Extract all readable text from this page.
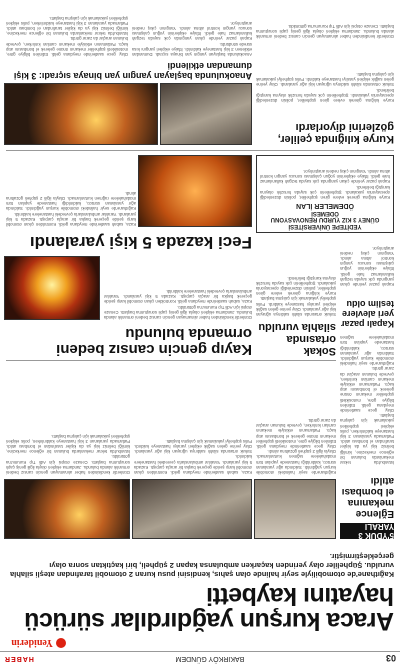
03
BAKIRKÖY GÜNDEM
HABER
Yeniderin
Araca kurşun yağdırdılar sürücü hayatını kaybetti
Kağıthane'de otomobiliyle seyir halinde olan şahıs, kendisini pusu kuran 2 otomobil tarafından ateşli silahla vuruldu. Şüpheliler olay yerinden kaçarken ambulansa kapan 2 şüpheli, biri kaçtıktan sonra olayı gerçekleştirmiştir.
5'YDÜK 3 YARALI
Eğlence mekanına el bombası atıldı

İstanbul'da tekrar mekanlarda bulunan bir eğlence merkezine, kimliği belirsiz kişi ya da kişiler tarafından el bombası atıldı. Patlamada yaralanan 3 kişi hastaneye kaldırılırken, polis ekipleri şüphelileri yakalamak için çalışma başlattı.

Olay, gece saatlerinde meydana geldi. Edinilen bilgiye göre, motosikletli şüpheliler mekanın önüne gelerek el bombasını atıp kaçtı. Patlamanın etkisiyle mekanın camları kırılırken, çevrede bulunan araçlar da zarar gördü.

Kağıthane'de seyir halindeki otomobile kurşun yağdırıldı. Saldırıda ağır yaralanan sürücü, kaldırıldığı hastanede yapılan tüm müdahalelere rağmen

Kağıthane'de seyir halindeki otomobile kurşun yağdırıldı. Saldırıda ağır yaralanan sürücü, kaldırıldığı hastanede yapılan tüm müdahalelere rağmen kurtarılamadı. Olayla ilgili 2 şüpheli gözaltına alındı.

Olay, gece saatlerinde meydana geldi. Edinilen bilgiye göre, motosikletli şüpheliler mekanın önüne gelerek el bombasını atıp kaçtı. Patlamanın etkisiyle mekanın camları kırılırken, çevrede bulunan araçlar da zarar gördü.

Kaza, sabah saatlerinde meydana geldi. Kontrolden çıkan otomobil karşı şeride geçerek başka bir araçla çarpıştı. Kazada 5 kişi yaralandı. Yaralılar ambulanslarla çevredeki hastanelere kaldırıldı.

Sokak ortasında silahlı saldırıya uğrayan kişi ağır yaralandı. Olay yerine gelen sağlık ekipleri yaralıyı hastaneye kaldırdı. Polis şüpheliyi yakalamak için çalışma başlattı.

Günlerdir kendisinden haber alınamayan gencin cansız bedeni ormanlık alanda bulundu. Jandarma ekipleri olayla ilgili geniş çaplı soruşturma başlattı. Cenaze otopsi için Adli Tıp Kurumu'na götürüldü.

İstanbul'da tekrar mekanlarda bulunan bir eğlence merkezine, kimliği belirsiz kişi ya da kişiler tarafından el bombası atıldı. Patlamada yaralanan 3 kişi hastaneye kaldırılırken, polis ekipleri şüphelileri yakalamak için çalışma başlattı.

Sokak ortasında silahla vuruldu

Sokak ortasında silahlı saldırıya uğrayan kişi ağır yaralandı. Olay yerine gelen sağlık ekipleri yaralıyı hastaneye kaldırdı. Polis şüpheliyi yakalamak için çalışma başlattı.

Kurye kılığına girerek evlere giren şüpheliler, polisin düzenlediği operasyonla yakalandı. Şüphelilerin çok sayıda hırsızlık olayına karıştığı belirlendi.

Kayıp gencin cansız bedeni ormanda bulundu

Günlerdir kendisinden haber alınamayan gencin cansız bedeni ormanlık alanda bulundu. Jandarma ekipleri olayla ilgili geniş çaplı soruşturma başlattı. Cenaze otopsi için Adli Tıp Kurumu'na götürüldü.

Kaza, sabah saatlerinde meydana geldi. Kontrolden çıkan otomobil karşı şeride geçerek başka bir araçla çarpıştı. Kazada 5 kişi yaralandı. Yaralılar ambulanslarla çevredeki hastanelere kaldırıldı.

Kapalı pazar yeri alevlere teslim oldu

Kapalı pazar yerinde çıkan yangında çok sayıda tezgah kullanılamaz hale geldi. İtfaiye ekiplerinin yoğun çalışması sonucu yangın kontrol altına alındı. Yangının çıkış nedeni araştırılıyor.

YEDİTEPE ÜNİVERSİTESİ
GÜNEY 3 KIZ YURDU RENOVASYONU ÖDEMESİ
ÖDEMELER İLAN

Kurye kılığına girerek evlere giren şüpheliler, polisin düzenlediği operasyonla yakalandı. Şüphelilerin çok sayıda hırsızlık olayına karıştığı belirlendi.

Kapalı pazar yerinde çıkan yangında çok sayıda tezgah kullanılamaz hale geldi. İtfaiye ekiplerinin yoğun çalışması sonucu yangın kontrol altına alındı. Yangının çıkış nedeni araştırılıyor.

Feci kazada 5 kişi yaralandı

Kaza, sabah saatlerinde meydana geldi. Kontrolden çıkan otomobil karşı şeride geçerek başka bir araçla çarpıştı. Kazada 5 kişi yaralandı. Yaralılar ambulanslarla çevredeki hastanelere kaldırıldı.

Kağıthane'de seyir halindeki otomobile kurşun yağdırıldı. Saldırıda ağır yaralanan sürücü, kaldırıldığı hastanede yapılan tüm müdahalelere rağmen kurtarılamadı. Olayla ilgili 2 şüpheli gözaltına alındı.

Kurye kılığında çeliler, gözlerini diyorlardı

Kurye kılığına girerek evlere giren şüpheliler, polisin düzenlediği operasyonla yakalandı. Şüphelilerin çok sayıda hırsızlık olayına karıştığı belirlendi.

Sokak ortasında silahlı saldırıya uğrayan kişi ağır yaralandı. Olay yerine gelen sağlık ekipleri yaralıyı hastaneye kaldırdı. Polis şüpheliyi yakalamak için çalışma başlattı.

Anaokulunda başlayan yangın yan binaya sıçradı: 3 kişi dumandan etkilendi

Anaokulunda başlayan yangın yan binaya sıçradı. Dumandan etkilenen 3 kişi hastaneye kaldırıldı. İtfaiye ekipleri yangını kısa sürede söndürdü.

Kapalı pazar yerinde çıkan yangında çok sayıda tezgah kullanılamaz hale geldi. İtfaiye ekiplerinin yoğun çalışması sonucu yangın kontrol altına alındı. Yangının çıkış nedeni araştırılıyor.

Olay, gece saatlerinde meydana geldi. Edinilen bilgiye göre, motosikletli şüpheliler mekanın önüne gelerek el bombasını atıp kaçtı. Patlamanın etkisiyle mekanın camları kırılırken, çevrede bulunan araçlar da zarar gördü.

İstanbul'da tekrar mekanlarda bulunan bir eğlence merkezine, kimliği belirsiz kişi ya da kişiler tarafından el bombası atıldı. Patlamada yaralanan 3 kişi hastaneye kaldırılırken, polis ekipleri şüphelileri yakalamak için çalışma başlattı.

Günlerdir kendisinden haber alınamayan gencin cansız bedeni ormanlık alanda bulundu. Jandarma ekipleri olayla ilgili geniş çaplı soruşturma başlattı. Cenaze otopsi için Adli Tıp Kurumu'na götürüldü.
